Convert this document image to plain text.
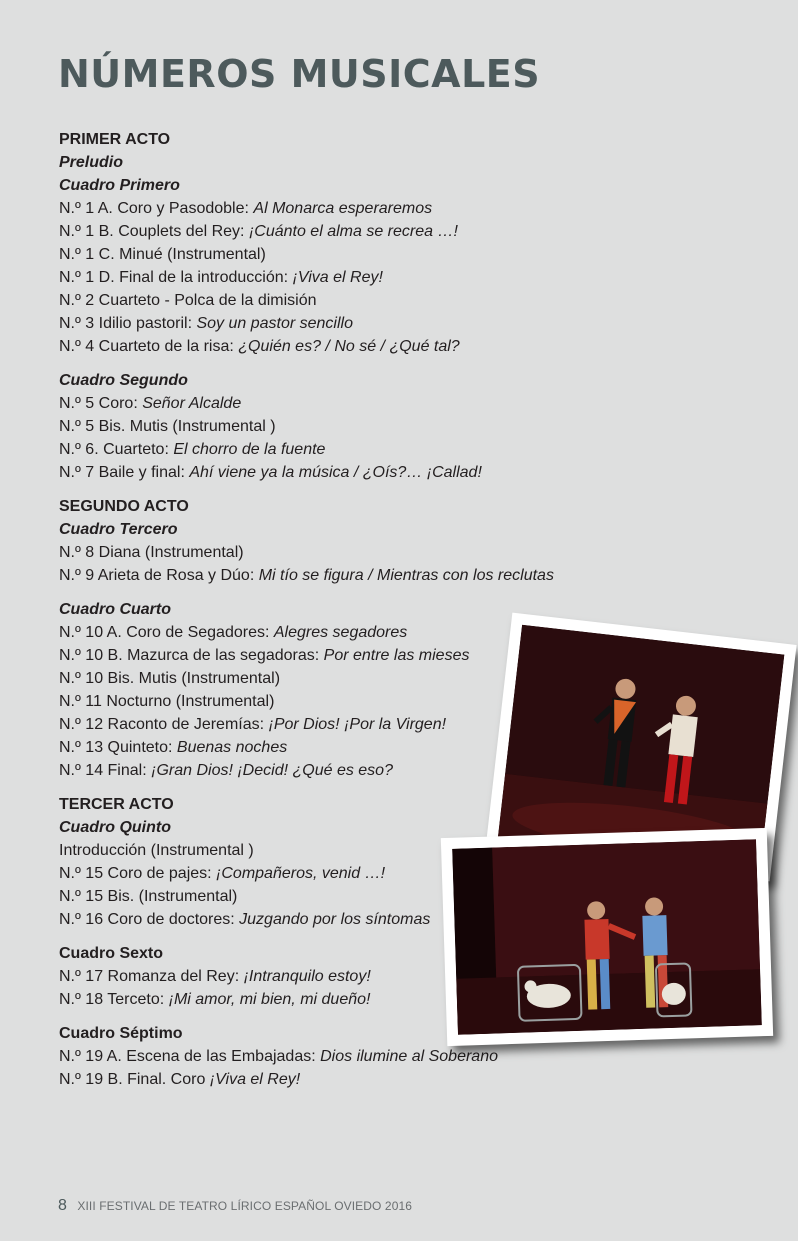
NÚMEROS MUSICALES
PRIMER ACTO
Preludio
Cuadro Primero
N.º 1 A. Coro y Pasodoble: Al Monarca esperaremos
N.º 1 B. Couplets del Rey: ¡Cuánto el alma se recrea …!
N.º 1 C. Minué (Instrumental)
N.º 1 D. Final de la introducción: ¡Viva el Rey!
N.º 2 Cuarteto - Polca de la dimisión
N.º 3 Idilio pastoril: Soy un pastor sencillo
N.º 4 Cuarteto de la risa: ¿Quién es? / No sé / ¿Qué tal?
Cuadro Segundo
N.º 5 Coro: Señor Alcalde
N.º 5 Bis. Mutis (Instrumental )
N.º 6. Cuarteto: El chorro de la fuente
N.º 7 Baile y final: Ahí viene ya la música / ¿Oís?… ¡Callad!
SEGUNDO ACTO
Cuadro Tercero
N.º 8 Diana (Instrumental)
N.º 9 Arieta de Rosa y Dúo: Mi tío se figura / Mientras con los reclutas
Cuadro Cuarto
N.º 10 A. Coro de Segadores: Alegres segadores
N.º 10 B. Mazurca de las segadoras: Por entre las mieses
N.º 10 Bis. Mutis (Instrumental)
N.º 11 Nocturno (Instrumental)
N.º 12 Raconto de Jeremías: ¡Por Dios! ¡Por la Virgen!
N.º 13 Quinteto: Buenas noches
N.º 14 Final: ¡Gran Dios! ¡Decid! ¿Qué es eso?
TERCER ACTO
Cuadro Quinto
Introducción (Instrumental )
N.º 15 Coro de pajes: ¡Compañeros, venid …!
N.º 15 Bis. (Instrumental)
N.º 16 Coro de doctores: Juzgando por los síntomas
Cuadro Sexto
N.º 17 Romanza del Rey: ¡Intranquilo estoy!
N.º 18 Terceto: ¡Mi amor, mi bien, mi dueño!
Cuadro Séptimo
N.º 19 A. Escena de las Embajadas: Dios ilumine al Soberano
N.º 19 B. Final. Coro ¡Viva el Rey!
8 XIII FESTIVAL DE TEATRO LÍRICO ESPAÑOL OVIEDO 2016
